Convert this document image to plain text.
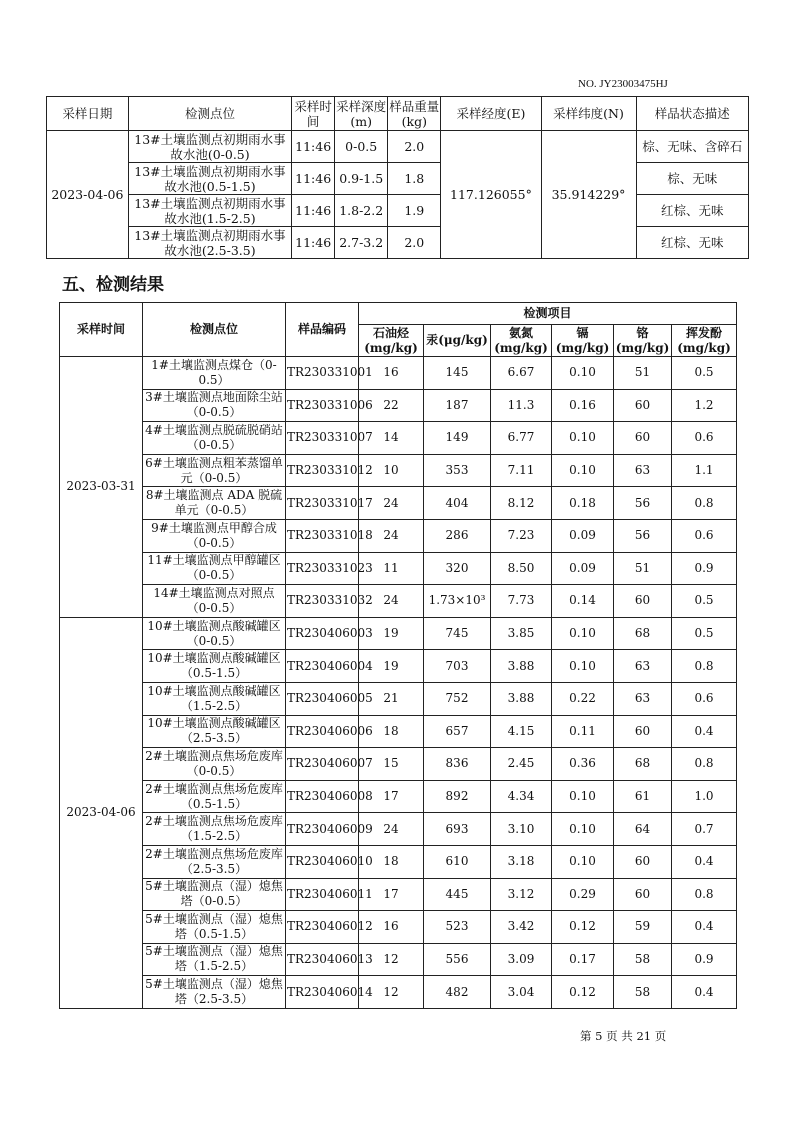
NO. JY23003475HJ
采样日期	检测点位	采样时间	采样深度(m)	样品重量(kg)	采样经度(E)	采样纬度(N)	样品状态描述
2023-04-06	13#土壤监测点初期雨水事故水池(0-0.5)	11:46	0-0.5	2.0	117.126055°	35.914229°	棕、无味、含碎石
	13#土壤监测点初期雨水事故水池(0.5-1.5)	11:46	0.9-1.5	1.8			棕、无味
	13#土壤监测点初期雨水事故水池(1.5-2.5)	11:46	1.8-2.2	1.9			红棕、无味
	13#土壤监测点初期雨水事故水池(2.5-3.5)	11:46	2.7-3.2	2.0			红棕、无味
五、检测结果
采样时间	检测点位	样品编码	检测项目					
			石油烃(mg/kg)	汞(μg/kg)	氨氮(mg/kg)	镉(mg/kg)	铬(mg/kg)	挥发酚(mg/kg)
2023-03-31	1#土壤监测点煤仓（0-0.5）	TR230331001	16	145	6.67	0.10	51	0.5
	3#土壤监测点地面除尘站（0-0.5）	TR230331006	22	187	11.3	0.16	60	1.2
	4#土壤监测点脱硫脱硝站（0-0.5）	TR230331007	14	149	6.77	0.10	60	0.6
	6#土壤监测点粗苯蒸馏单元（0-0.5）	TR230331012	10	353	7.11	0.10	63	1.1
	8#土壤监测点 ADA 脱硫单元（0-0.5）	TR230331017	24	404	8.12	0.18	56	0.8
	9#土壤监测点甲醇合成（0-0.5）	TR230331018	24	286	7.23	0.09	56	0.6
	11#土壤监测点甲醇罐区（0-0.5）	TR230331023	11	320	8.50	0.09	51	0.9
	14#土壤监测点对照点（0-0.5）	TR230331032	24	1.73×10³	7.73	0.14	60	0.5
2023-04-06	10#土壤监测点酸碱罐区（0-0.5）	TR230406003	19	745	3.85	0.10	68	0.5
	10#土壤监测点酸碱罐区（0.5-1.5）	TR230406004	19	703	3.88	0.10	63	0.8
	10#土壤监测点酸碱罐区（1.5-2.5）	TR230406005	21	752	3.88	0.22	63	0.6
	10#土壤监测点酸碱罐区（2.5-3.5）	TR230406006	18	657	4.15	0.11	60	0.4
	2#土壤监测点焦场危废库（0-0.5）	TR230406007	15	836	2.45	0.36	68	0.8
	2#土壤监测点焦场危废库（0.5-1.5）	TR230406008	17	892	4.34	0.10	61	1.0
	2#土壤监测点焦场危废库（1.5-2.5）	TR230406009	24	693	3.10	0.10	64	0.7
	2#土壤监测点焦场危废库（2.5-3.5）	TR230406010	18	610	3.18	0.10	60	0.4
	5#土壤监测点（湿）熄焦塔（0-0.5）	TR230406011	17	445	3.12	0.29	60	0.8
	5#土壤监测点（湿）熄焦塔（0.5-1.5）	TR230406012	16	523	3.42	0.12	59	0.4
	5#土壤监测点（湿）熄焦塔（1.5-2.5）	TR230406013	12	556	3.09	0.17	58	0.9
	5#土壤监测点（湿）熄焦塔（2.5-3.5）	TR230406014	12	482	3.04	0.12	58	0.4
第 5 页 共 21 页
